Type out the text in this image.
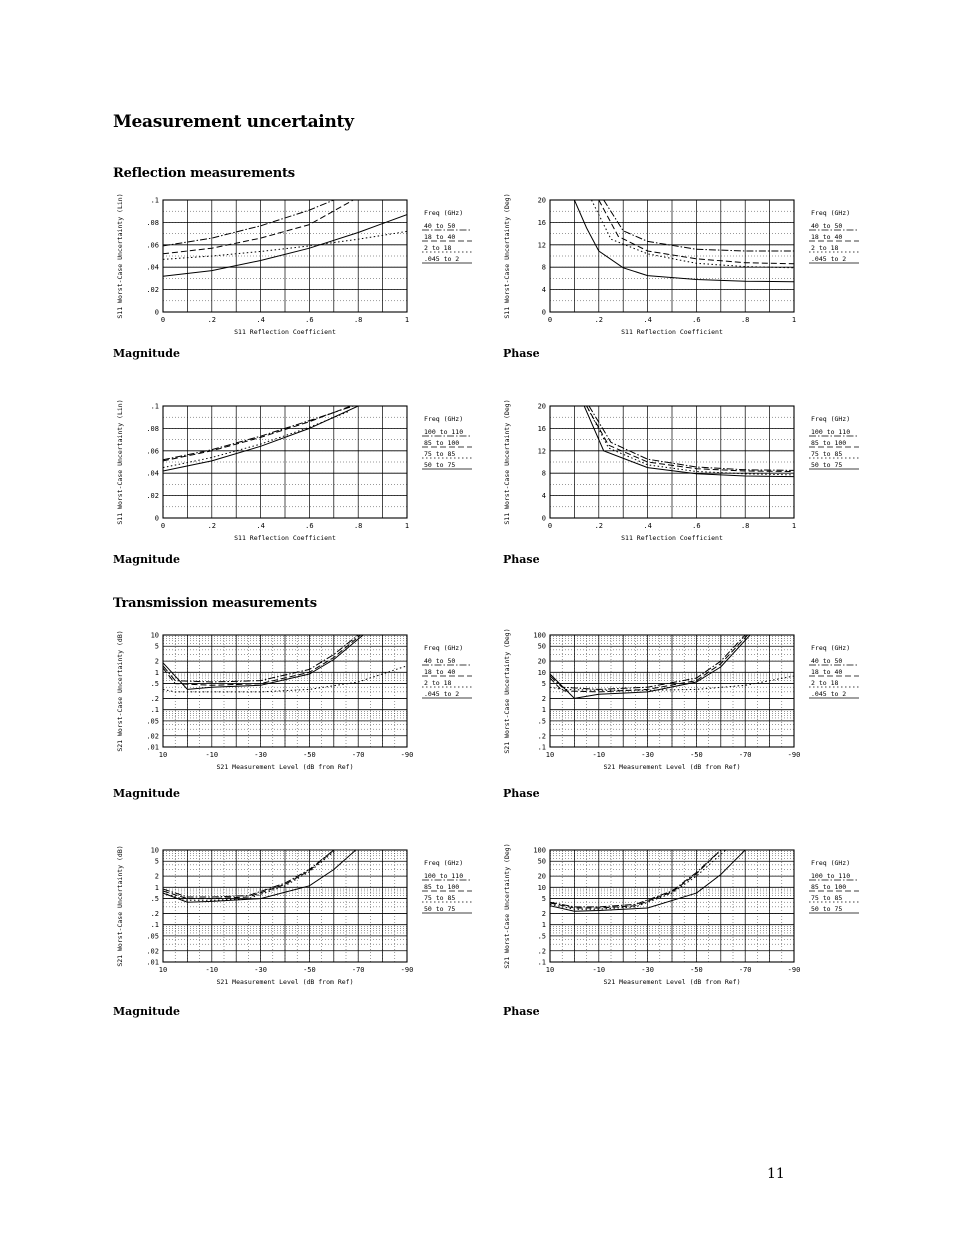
Measurement uncertainty
Reflection measurements
Transmission measurements
0
.02
.04
.06
.08
.1
0	.2	.4	.6	.8	1
S11 Reflection Coefficient
S11 Worst-Case Uncertainty (Lin)	Freq (GHz)
40 to 50
18 to 40
2 to 18
.045 to 2
0
4
8
12
16
20
0	.2	.4	.6	.8	1
S11 Reflection Coefficient
S11 Worst-Case Uncertainty (Deg)	Freq (GHz)
40 to 50
18 to 40
2 to 18
.045 to 2
0
.02
.04
.06
.08
.1
0	.2	.4	.6	.8	1
S11 Reflection Coefficient
S11 Worst-Case Uncertainty (Lin)	Freq (GHz)
100 to 110
85 to 100
75 to 85
50 to 75
0
4
8
12
16
20
0	.2	.4	.6	.8	1
S11 Reflection Coefficient
S11 Worst-Case Uncertainty (Deg)	Freq (GHz)
100 to 110
85 to 100
75 to 85
50 to 75
.01
.02
.05
.1
.2
.5
1
2
5
10
10	-10	-30	-50	-70	-90
S21 Measurement Level (dB from Ref)
S21 Worst-Case Uncertainty (dB)	Freq (GHz)
40 to 50
18 to 40
2 to 18
.045 to 2
.1
.2
.5
1
2
5
10
20
50
100
10	-10	-30	-50	-70	-90
S21 Measurement Level (dB from Ref)
S21 Worst-Case Uncertainty (Deg)	Freq (GHz)
40 to 50
18 to 40
2 to 18
.045 to 2
.01
.02
.05
.1
.2
.5
1
2
5
10
10	-10	-30	-50	-70	-90
S21 Measurement Level (dB from Ref)
S21 Worst-Case Uncertainty (dB)	Freq (GHz)
100 to 110
85 to 100
75 to 85
50 to 75
.1
.2
.5
1
2
5
10
20
50
100
10	-10	-30	-50	-70	-90
S21 Measurement Level (dB from Ref)
S21 Worst-Case Uncertainty (Deg)	Freq (GHz)
100 to 110
85 to 100
75 to 85
50 to 75
Magnitude	Phase
Magnitude	Phase
Magnitude	Phase
Magnitude	Phase
11
